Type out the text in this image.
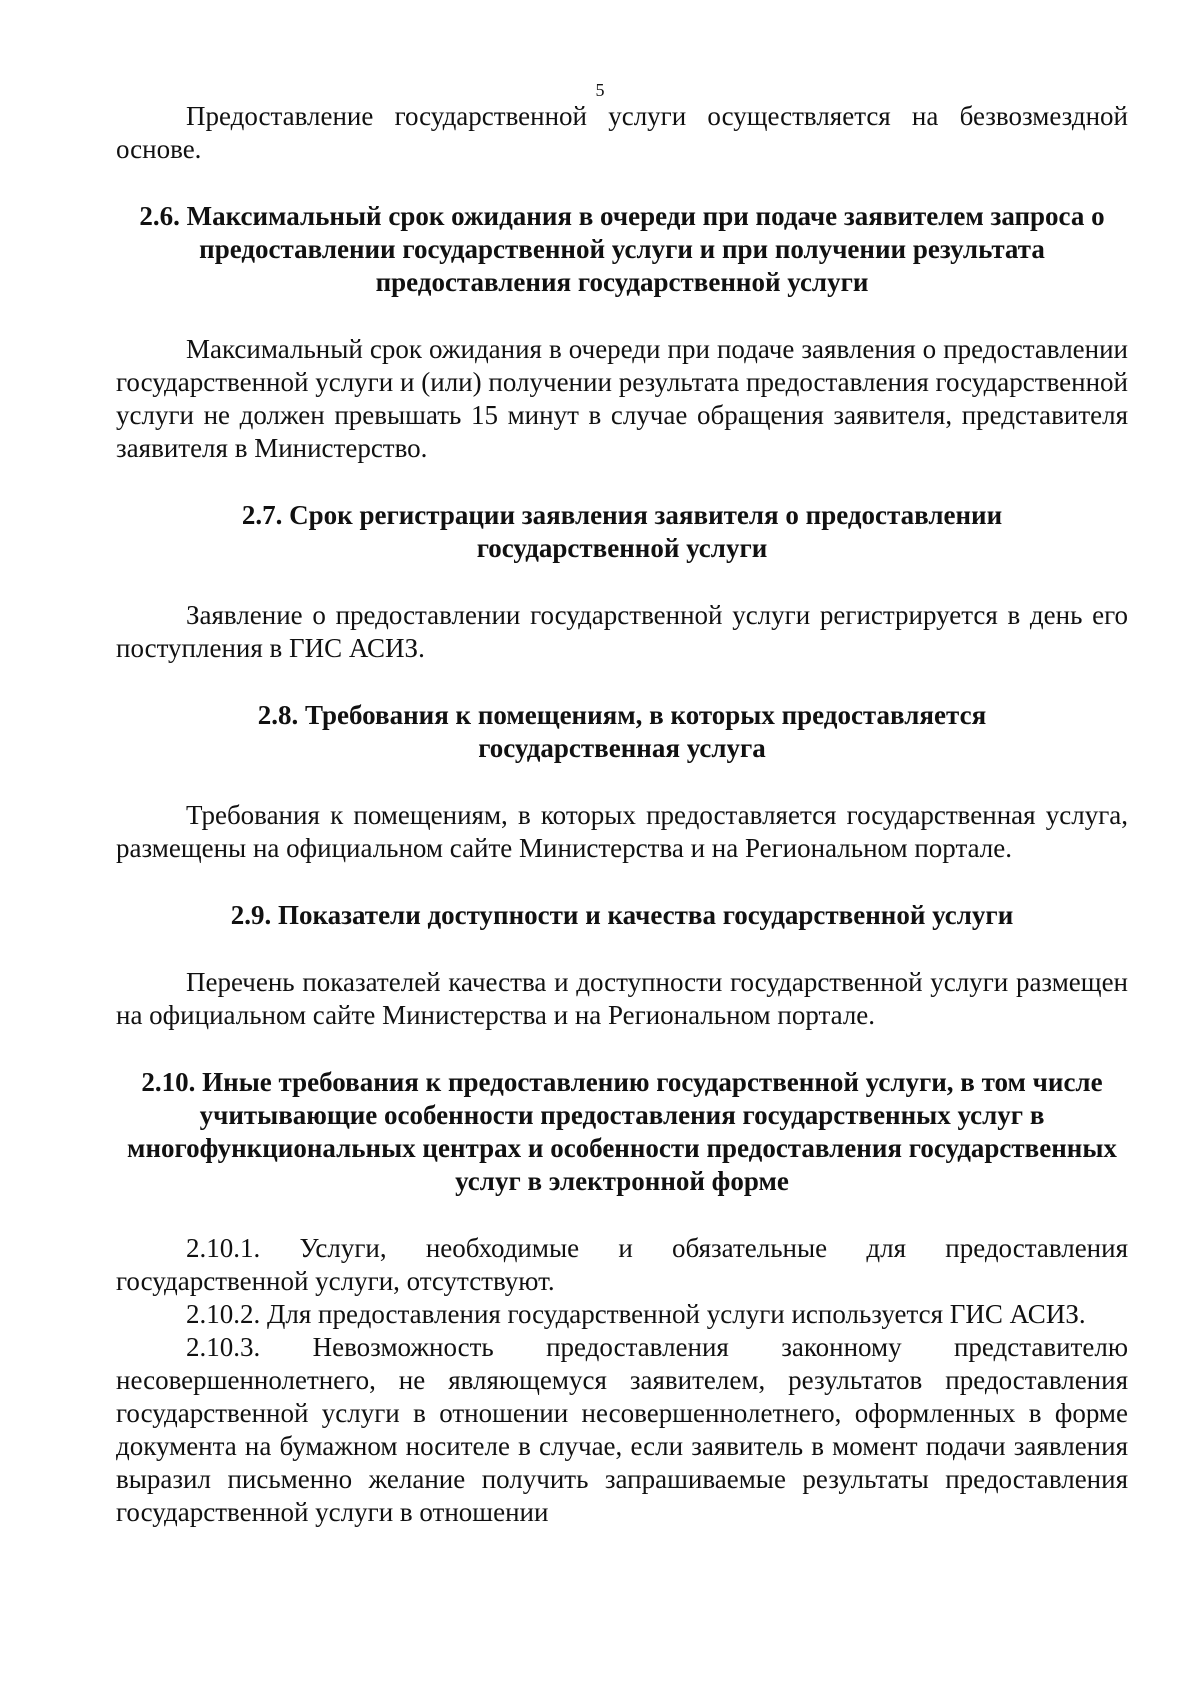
5

Предоставление государственной услуги осуществляется на безвозмездной основе.

2.6. Максимальный срок ожидания в очереди при подаче заявителем запроса о предоставлении государственной услуги и при получении результата предоставления государственной услуги

Максимальный срок ожидания в очереди при подаче заявления о предоставлении государственной услуги и (или) получении результата предоставления государственной услуги не должен превышать 15 минут в случае обращения заявителя, представителя заявителя в Министерство.

2.7. Срок регистрации заявления заявителя о предоставлении государственной услуги

Заявление о предоставлении государственной услуги регистрируется в день его поступления в ГИС АСИЗ.

2.8. Требования к помещениям, в которых предоставляется государственная услуга

Требования к помещениям, в которых предоставляется государственная услуга, размещены на официальном сайте Министерства и на Региональном портале.

2.9. Показатели доступности и качества государственной услуги

Перечень показателей качества и доступности государственной услуги размещен на официальном сайте Министерства и на Региональном портале.

2.10. Иные требования к предоставлению государственной услуги, в том числе учитывающие особенности предоставления государственных услуг в многофункциональных центрах и особенности предоставления государственных услуг в электронной форме

2.10.1. Услуги, необходимые и обязательные для предоставления государственной услуги, отсутствуют.

2.10.2. Для предоставления государственной услуги используется ГИС АСИЗ.

2.10.3. Невозможность предоставления законному представителю несовершеннолетнего, не являющемуся заявителем, результатов предоставления государственной услуги в отношении несовершеннолетнего, оформленных в форме документа на бумажном носителе в случае, если заявитель в момент подачи заявления выразил письменно желание получить запрашиваемые результаты предоставления государственной услуги в отношении
